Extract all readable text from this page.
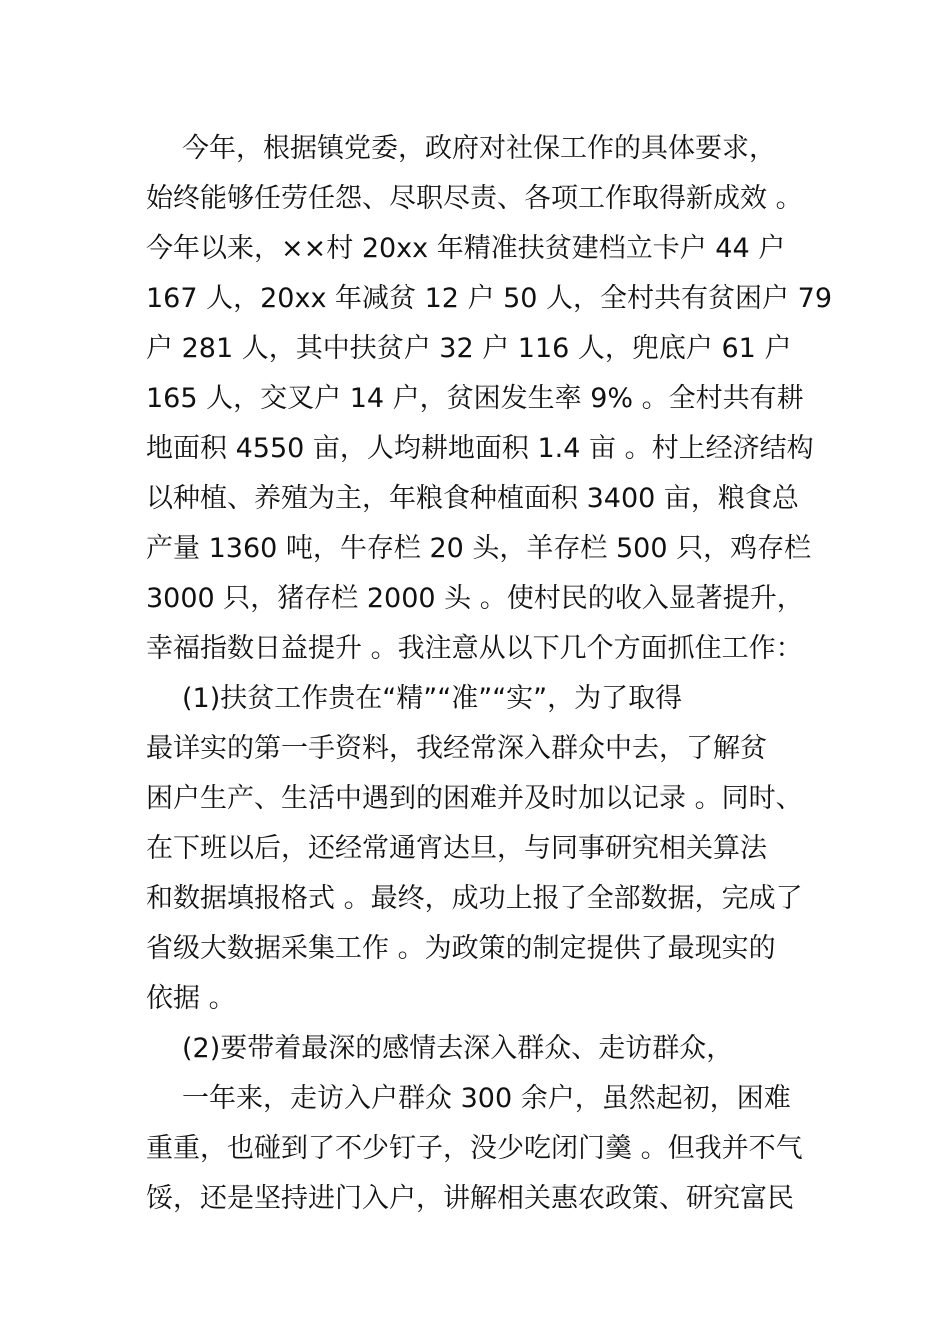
今年，根据镇党委，政府对社保工作的具体要求，
始终能够任劳任怨、尽职尽责、各项工作取得新成效 。
今年以来，××村 20xx 年精准扶贫建档立卡户 44 户
167 人，20xx 年减贫 12 户 50 人，全村共有贫困户 79
户 281 人，其中扶贫户 32 户 116 人，兜底户 61 户
165 人，交叉户 14 户，贫困发生率 9% 。全村共有耕
地面积 4550 亩，人均耕地面积 1.4 亩 。村上经济结构
以种植、养殖为主，年粮食种植面积 3400 亩，粮食总
产量 1360 吨，牛存栏 20 头，羊存栏 500 只，鸡存栏
3000 只，猪存栏 2000 头 。使村民的收入显著提升，
幸福指数日益提升 。我注意从以下几个方面抓住工作：
(1)扶贫工作贵在“精”“准”“实”，为了取得
最详实的第一手资料，我经常深入群众中去，了解贫
困户生产、生活中遇到的困难并及时加以记录 。同时、
在下班以后，还经常通宵达旦，与同事研究相关算法
和数据填报格式 。最终，成功上报了全部数据，完成了
省级大数据采集工作 。为政策的制定提供了最现实的
依据 。
(2)要带着最深的感情去深入群众、走访群众，
一年来，走访入户群众 300 余户，虽然起初，困难
重重，也碰到了不少钉子，没少吃闭门羹 。但我并不气
馁，还是坚持进门入户，讲解相关惠农政策、研究富民
